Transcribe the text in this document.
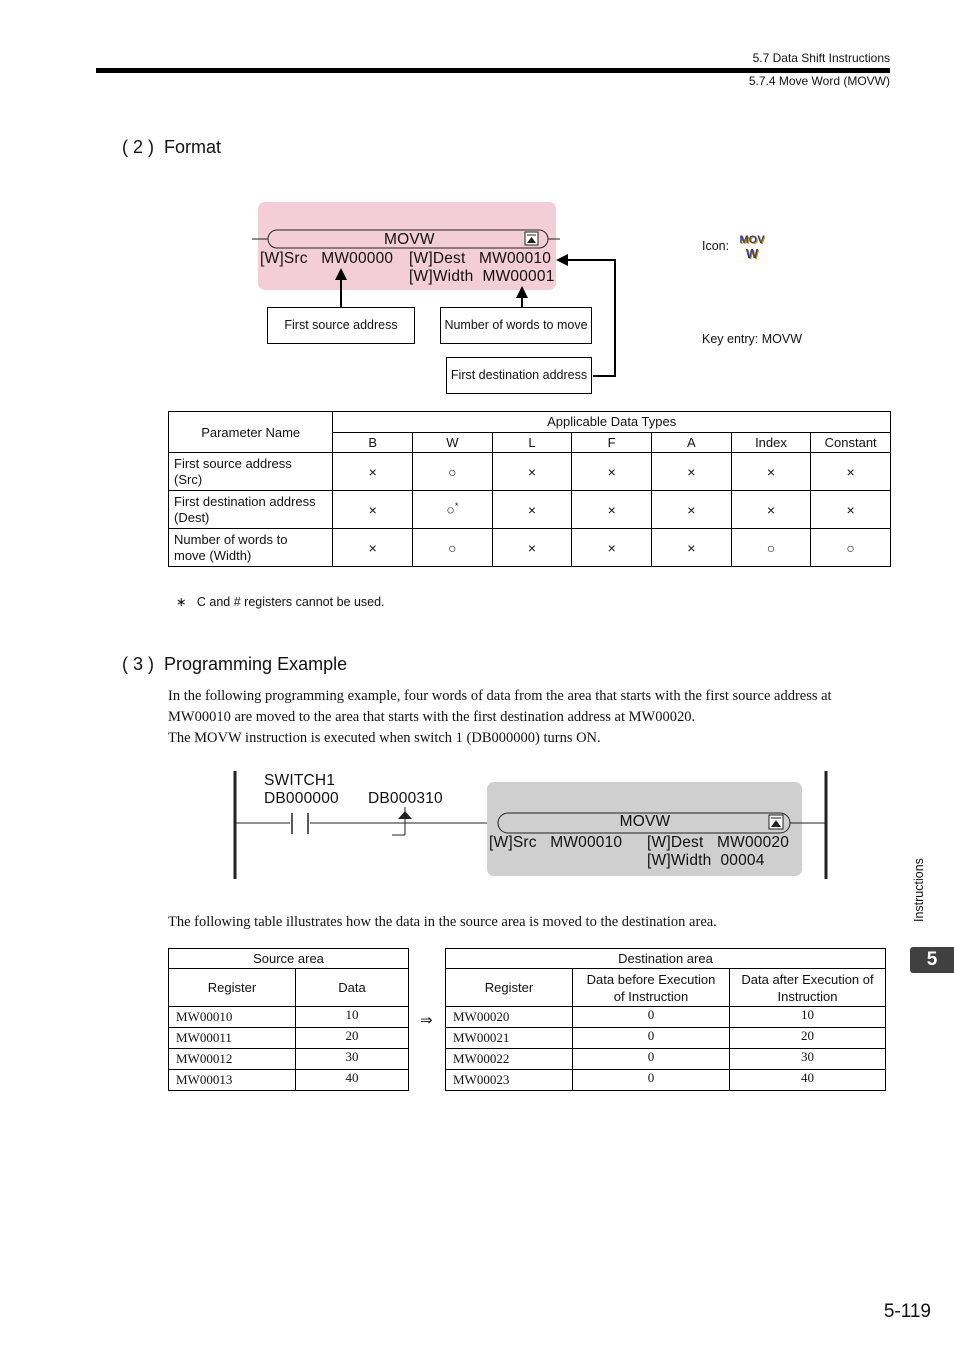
5.7 Data Shift Instructions
5.7.4 Move Word (MOVW)
( 2 ) Format
MOVW
[W]Src   MW00000 [W]Dest   MW00010
[W]Width  MW00001
First source address	Number of words to move
First destination address
Icon: MOV
W
Key entry: MOVW
Parameter Name	Applicable Data Types						
	B	W	L	F	A	Index	Constant
First source address
(Src)	×	○	×	×	×	×	×
First destination address
(Dest)	×	○*	×	×	×	×	×
Number of words to
move (Width)	×	○	×	×	×	○	○
∗ C and # registers cannot be used.
( 3 ) Programming Example
In the following programming example, four words of data from the area that starts with the first source address at
MW00010 are moved to the area that starts with the first destination address at MW00020.
The MOVW instruction is executed when switch 1 (DB000000) turns ON.
SWITCH1
DB000000 DB000310
MOVW
[W]Src   MW00010 [W]Dest   MW00020
[W]Width  00004
The following table illustrates how the data in the source area is moved to the destination area.
Source area	
Register	Data
MW00010	10
MW00011	20
MW00012	30
MW00013	40
⇒
Destination area		
Register	Data before Execution
of Instruction	Data after Execution of
Instruction
MW00020	0	10
MW00021	0	20
MW00022	0	30
MW00023	0	40
Instructions
5
5-119
